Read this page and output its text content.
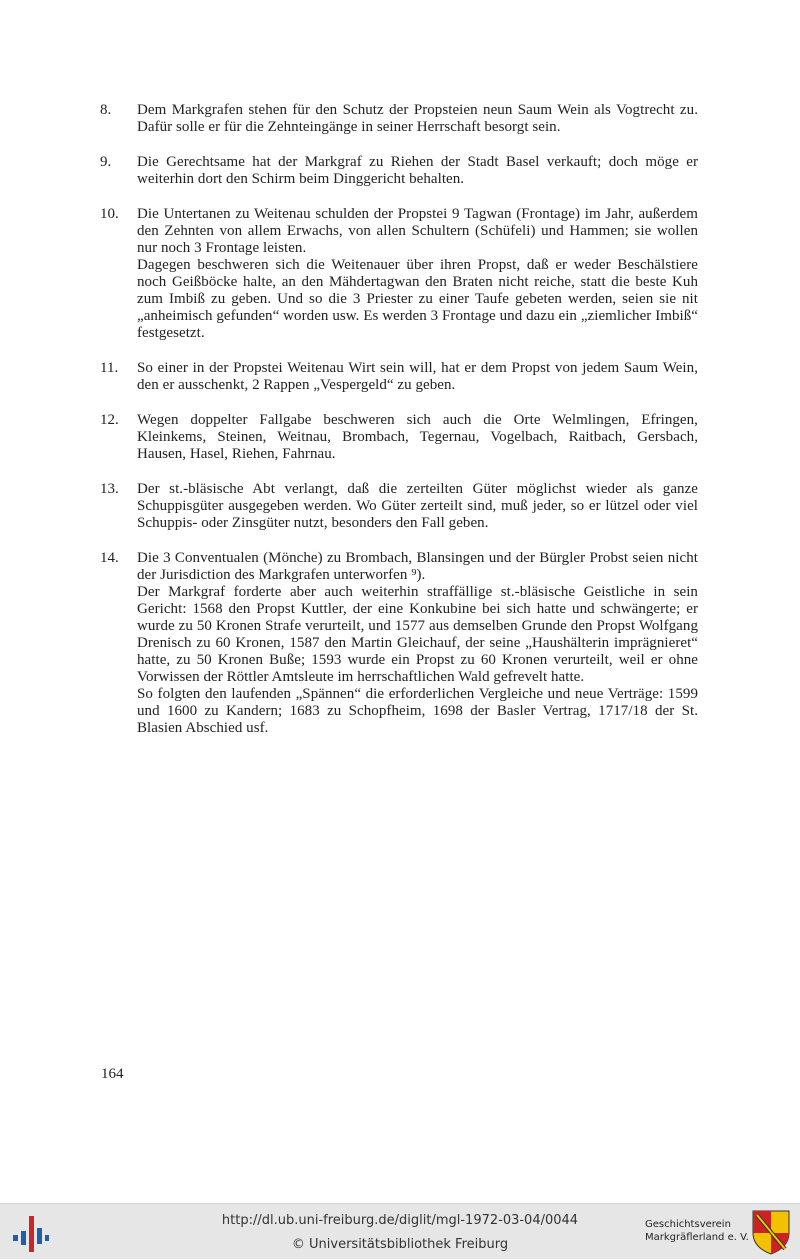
8.	Dem Markgrafen stehen für den Schutz der Propsteien neun Saum Wein als Vogtrecht zu. Dafür solle er für die Zehnteingänge in seiner Herrschaft besorgt sein.

9.	Die Gerechtsame hat der Markgraf zu Riehen der Stadt Basel verkauft; doch möge er weiterhin dort den Schirm beim Dinggericht behalten.

10.	Die Untertanen zu Weitenau schulden der Propstei 9 Tagwan (Frontage) im Jahr, außerdem den Zehnten von allem Erwachs, von allen Schultern (Schüfeli) und Hammen; sie wollen nur noch 3 Frontage leisten.

Dagegen beschweren sich die Weitenauer über ihren Propst, daß er weder Beschälstiere noch Geißböcke halte, an den Mähdertagwan den Braten nicht reiche, statt die beste Kuh zum Imbiß zu geben. Und so die 3 Priester zu einer Taufe gebeten werden, seien sie nit „anheimisch gefunden“ worden usw. Es werden 3 Frontage und dazu ein „ziemlicher Imbiß“ festgesetzt.

11.	So einer in der Propstei Weitenau Wirt sein will, hat er dem Propst von jedem Saum Wein, den er ausschenkt, 2 Rappen „Vespergeld“ zu geben.

12.	Wegen doppelter Fallgabe beschweren sich auch die Orte Welmlingen, Efringen, Kleinkems, Steinen, Weitnau, Brombach, Tegernau, Vogelbach, Raitbach, Gersbach, Hausen, Hasel, Riehen, Fahrnau.

13.	Der st.-bläsische Abt verlangt, daß die zerteilten Güter möglichst wieder als ganze Schuppisgüter ausgegeben werden. Wo Güter zerteilt sind, muß jeder, so er lützel oder viel Schuppis- oder Zinsgüter nutzt, besonders den Fall geben.

14.	Die 3 Conventualen (Mönche) zu Brombach, Blansingen und der Bürgler Probst seien nicht der Jurisdiction des Markgrafen unterworfen ⁹).

Der Markgraf forderte aber auch weiterhin straffällige st.-bläsische Geistliche in sein Gericht: 1568 den Propst Kuttler, der eine Konkubine bei sich hatte und schwängerte; er wurde zu 50 Kronen Strafe verurteilt, und 1577 aus demselben Grunde den Propst Wolfgang Drenisch zu 60 Kronen, 1587 den Martin Gleichauf, der seine „Haushälterin imprägnieret“ hatte, zu 50 Kronen Buße; 1593 wurde ein Propst zu 60 Kronen verurteilt, weil er ohne Vorwissen der Röttler Amtsleute im herrschaftlichen Wald gefrevelt hatte.

So folgten den laufenden „Spännen“ die erforderlichen Vergleiche und neue Verträge: 1599 und 1600 zu Kandern; 1683 zu Schopfheim, 1698 der Basler Vertrag, 1717/18 der St. Blasien Abschied usf.

164
http://dl.ub.uni-freiburg.de/diglit/mgl-1972-03-04/0044
© Universitätsbibliothek Freiburg
Geschichtsverein
Markgräflerland e. V.
